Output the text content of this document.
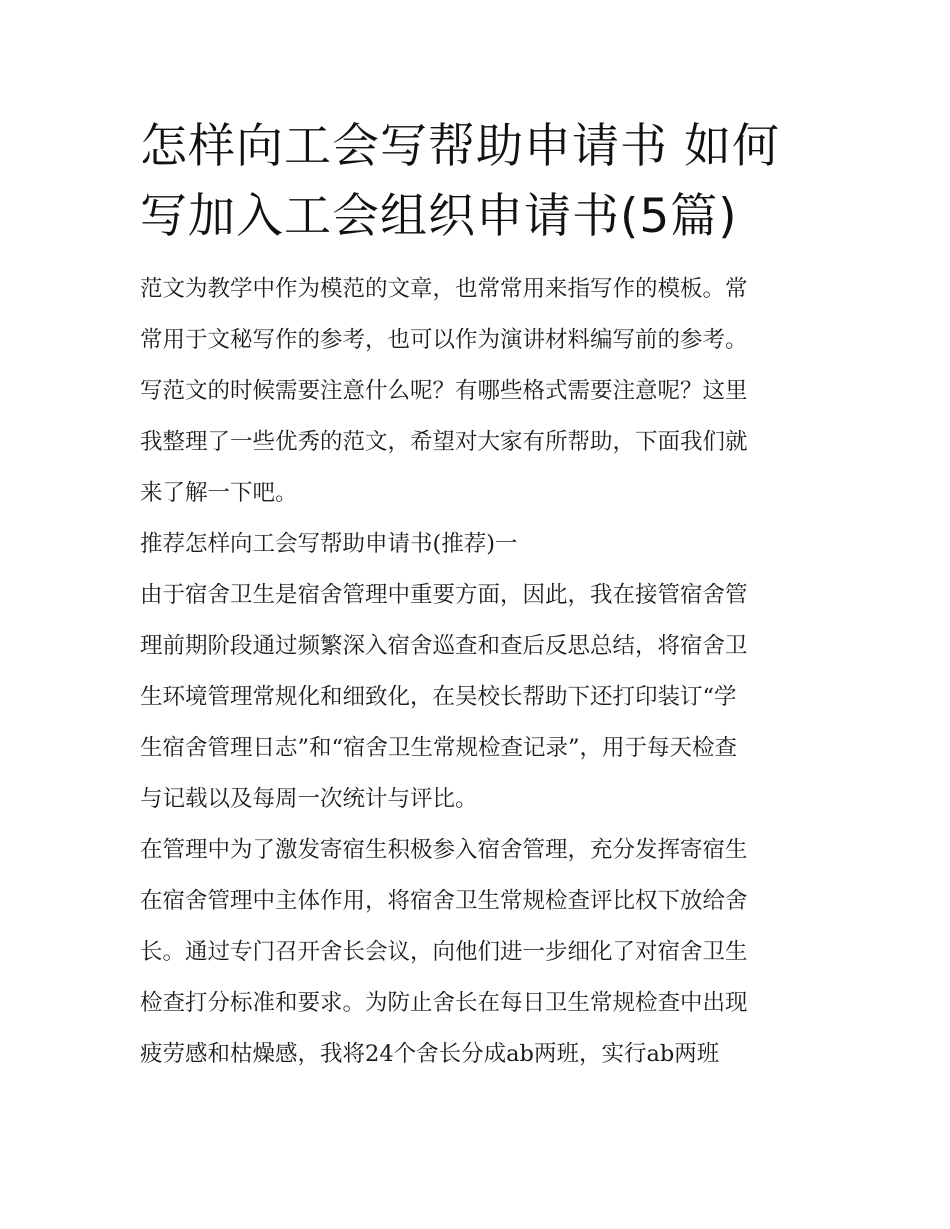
怎样向工会写帮助申请书 如何
写加入工会组织申请书(5篇)
范文为教学中作为模范的文章，也常常用来指写作的模板。常
常用于文秘写作的参考，也可以作为演讲材料编写前的参考。
写范文的时候需要注意什么呢？有哪些格式需要注意呢？这里
我整理了一些优秀的范文，希望对大家有所帮助，下面我们就
来了解一下吧。
推荐怎样向工会写帮助申请书(推荐)一
由于宿舍卫生是宿舍管理中重要方面，因此，我在接管宿舍管
理前期阶段通过频繁深入宿舍巡查和查后反思总结，将宿舍卫
生环境管理常规化和细致化，在吴校长帮助下还打印装订“学
生宿舍管理日志”和“宿舍卫生常规检查记录”，用于每天检查
与记载以及每周一次统计与评比。
在管理中为了激发寄宿生积极参入宿舍管理，充分发挥寄宿生
在宿舍管理中主体作用，将宿舍卫生常规检查评比权下放给舍
长。通过专门召开舍长会议，向他们进一步细化了对宿舍卫生
检查打分标准和要求。为防止舍长在每日卫生常规检查中出现
疲劳感和枯燥感，我将24个舍长分成ab两班，实行ab两班
